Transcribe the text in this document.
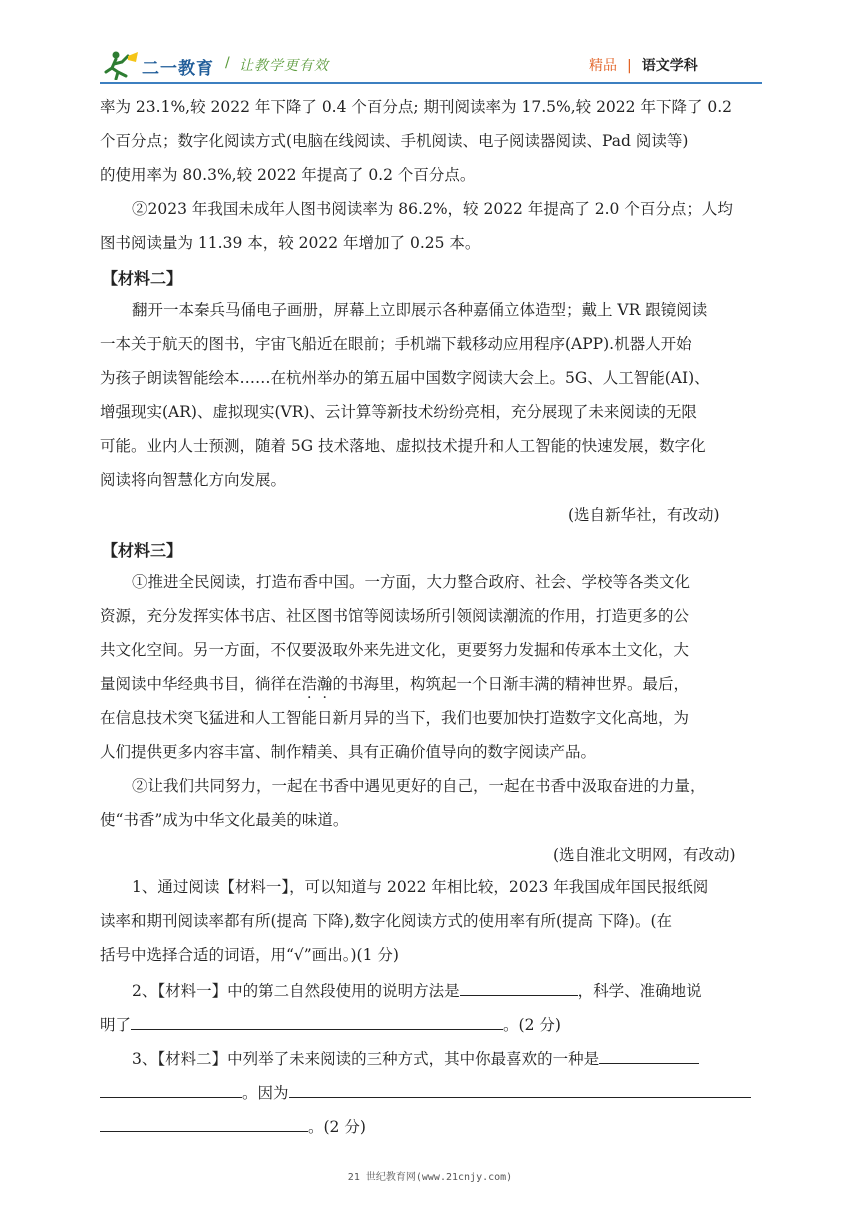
二一教育 / 让教学更有效	精品 | 语文学科
率为 23.1%,较 2022 年下降了 0.4 个百分点; 期刊阅读率为 17.5%,较 2022 年下降了 0.2
个百分点；数字化阅读方式(电脑在线阅读、手机阅读、电子阅读器阅读、Pad 阅读等)
的使用率为 80.3%,较 2022 年提高了 0.2 个百分点。
②2023 年我国未成年人图书阅读率为 86.2%，较 2022 年提高了 2.0 个百分点；人均
图书阅读量为 11.39 本，较 2022 年增加了 0.25 本。
【材料二】
翻开一本秦兵马俑电子画册，屏幕上立即展示各种嘉俑立体造型；戴上 VR 跟镜阅读
一本关于航天的图书，宇宙飞船近在眼前；手机端下载移动应用程序(APP).机器人开始
为孩子朗读智能绘本……在杭州举办的第五届中国数字阅读大会上。5G、人工智能(AI)、
增强现实(AR)、虚拟现实(VR)、云计算等新技术纷纷亮相，充分展现了未来阅读的无限
可能。业内人士预测，随着 5G 技术落地、虚拟技术提升和人工智能的快速发展，数字化
阅读将向智慧化方向发展。
(选自新华社，有改动)
【材料三】
①推进全民阅读，打造布香中国。一方面，大力整合政府、社会、学校等各类文化
资源，充分发挥实体书店、社区图书馆等阅读场所引领阅读潮流的作用，打造更多的公
共文化空间。另一方面，不仅要汲取外来先进文化，更要努力发掘和传承本土文化，大
量阅读中华经典书目，徜徉在浩瀚的书海里，构筑起一个日渐丰满的精神世界。最后，
在信息技术突飞猛进和人工智能日新月异的当下，我们也要加快打造数字文化高地，为
人们提供更多内容丰富、制作精美、具有正确价值导向的数字阅读产品。
②让我们共同努力，一起在书香中遇见更好的自己，一起在书香中汲取奋进的力量，
使“书香”成为中华文化最美的味道。
(选自淮北文明网，有改动)
1、通过阅读【材料一】，可以知道与 2022 年相比较，2023 年我国成年国民报纸阅
读率和期刊阅读率都有所(提高 下降),数字化阅读方式的使用率有所(提高 下降)。(在
括号中选择合适的词语，用“√”画出。)(1 分)
2、【材料一】中的第二自然段使用的说明方法是	，科学、准确地说
明了	。(2 分)
3、【材料二】中列举了未来阅读的三种方式，其中你最喜欢的一种是
。因为
。(2 分)
21 世纪教育网(www.21cnjy.com)
